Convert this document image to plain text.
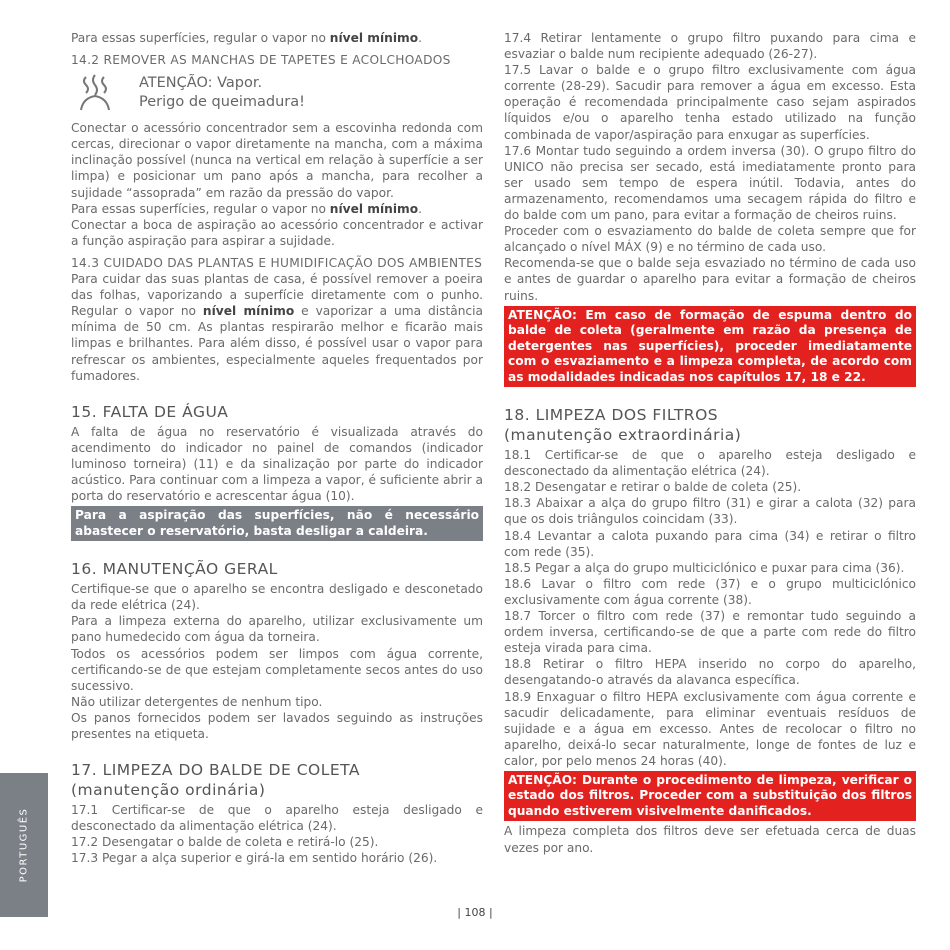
PORTUGUÊS

Para essas superfícies, regular o vapor no nível mínimo.

14.2 REMOVER AS MANCHAS DE TAPETES E ACOLCHOADOS

ATENÇÃO: Vapor.
Perigo de queimadura!

Conectar o acessório concentrador sem a escovinha redonda com cercas, direcionar o vapor diretamente na mancha, com a máxima inclinação possível (nunca na vertical em relação à superfície a ser limpa) e posicionar um pano após a mancha, para recolher a sujidade “assoprada” em razão da pressão do vapor.

Para essas superfícies, regular o vapor no nível mínimo.

Conectar a boca de aspiração ao acessório concentrador e activar a função aspiração para aspirar a sujidade.

14.3 CUIDADO DAS PLANTAS E HUMIDIFICAÇÃO DOS AMBIENTES

Para cuidar das suas plantas de casa, é possível remover a poeira das folhas, vaporizando a superfície diretamente com o punho. Regular o vapor no nível mínimo e vaporizar a uma distância mínima de 50 cm. As plantas respirarão melhor e ficarão mais limpas e brilhantes. Para além disso, é possível usar o vapor para refrescar os ambientes, especialmente aqueles frequentados por fumadores.

15. FALTA DE ÁGUA

A falta de água no reservatório é visualizada através do acendimento do indicador no painel de comandos (indicador luminoso torneira) (11) e da sinalização por parte do indicador acústico. Para continuar com a limpeza a vapor, é suficiente abrir a porta do reservatório e acrescentar água (10).

Para a aspiração das superfícies, não é necessário abastecer o reservatório, basta desligar a caldeira.
16. MANUTENÇÃO GERAL

Certifique-se que o aparelho se encontra desligado e desconetado da rede elétrica (24).

Para a limpeza externa do aparelho, utilizar exclusivamente um pano humedecido com água da torneira.

Todos os acessórios podem ser limpos com água corrente, certificando-se de que estejam completamente secos antes do uso sucessivo.

Não utilizar detergentes de nenhum tipo.

Os panos fornecidos podem ser lavados seguindo as instruções presentes na etiqueta.

17. LIMPEZA DO BALDE DE COLETA
(manutenção ordinária)

17.1 Certificar-se de que o aparelho esteja desligado e desconectado da alimentação elétrica (24).

17.2 Desengatar o balde de coleta e retirá-lo (25).

17.3 Pegar a alça superior e girá-la em sentido horário (26).

17.4 Retirar lentamente o grupo filtro puxando para cima e esvaziar o balde num recipiente adequado (26-27).

17.5 Lavar o balde e o grupo filtro exclusivamente com água corrente (28-29). Sacudir para remover a água em excesso. Esta operação é recomendada principalmente caso sejam aspirados líquidos e/ou o aparelho tenha estado utilizado na função combinada de vapor/aspiração para enxugar as superfícies.

17.6 Montar tudo seguindo a ordem inversa (30). O grupo filtro do UNICO não precisa ser secado, está imediatamente pronto para ser usado sem tempo de espera inútil. Todavia, antes do armazenamento, recomendamos uma secagem rápida do filtro e do balde com um pano, para evitar a formação de cheiros ruins.

Proceder com o esvaziamento do balde de coleta sempre que for alcançado o nível MÁX (9) e no término de cada uso.

Recomenda-se que o balde seja esvaziado no término de cada uso e antes de guardar o aparelho para evitar a formação de cheiros ruins.

ATENÇÃO: Em caso de formação de espuma dentro do balde de coleta (geralmente em razão da presença de detergentes nas superfícies), proceder imediatamente com o esvaziamento e a limpeza completa, de acordo com as modalidades indicadas nos capítulos 17, 18 e 22.
18. LIMPEZA DOS FILTROS
(manutenção extraordinária)

18.1 Certificar-se de que o aparelho esteja desligado e desconectado da alimentação elétrica (24).

18.2 Desengatar e retirar o balde de coleta (25).

18.3 Abaixar a alça do grupo filtro (31) e girar a calota (32) para que os dois triângulos coincidam (33).

18.4 Levantar a calota puxando para cima (34) e retirar o filtro com rede (35).

18.5 Pegar a alça do grupo multiciclónico e puxar para cima (36).

18.6 Lavar o filtro com rede (37) e o grupo multiciclónico exclusivamente com água corrente (38).

18.7 Torcer o filtro com rede (37) e remontar tudo seguindo a ordem inversa, certificando-se de que a parte com rede do filtro esteja virada para cima.

18.8 Retirar o filtro HEPA inserido no corpo do aparelho, desengatando-o através da alavanca específica.

18.9 Enxaguar o filtro HEPA exclusivamente com água corrente e sacudir delicadamente, para eliminar eventuais resíduos de sujidade e a água em excesso. Antes de recolocar o filtro no aparelho, deixá-lo secar naturalmente, longe de fontes de luz e calor, por pelo menos 24 horas (40).

ATENÇÃO: Durante o procedimento de limpeza, verificar o estado dos filtros. Proceder com a substituição dos filtros quando estiverem visivelmente danificados.

A limpeza completa dos filtros deve ser efetuada cerca de duas vezes por ano.

| 108 |
